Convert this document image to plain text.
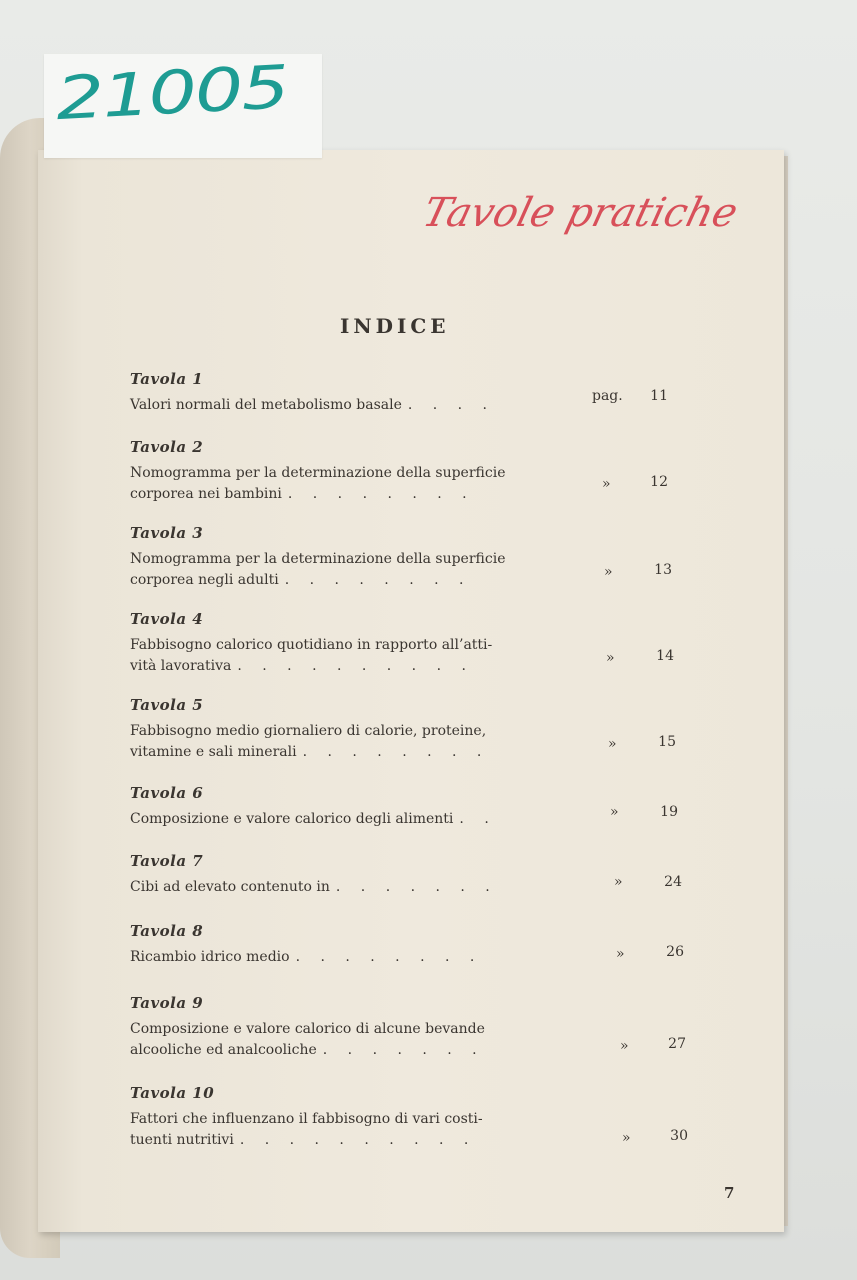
21005
Tavole pratiche
INDICE
Tavola 1
Valori normali del metabolismo basale . . . .
pag. 11
Tavola 2
Nomogramma per la determinazione della superficie
corporea nei bambini . . . . . . . .
»	12
Tavola 3
Nomogramma per la determinazione della superficie
corporea negli adulti . . . . . . . .	»	13
Tavola 4
Fabbisogno calorico quotidiano in rapporto all’atti-
vità lavorativa . . . . . . . . . .	»	14
Tavola 5
Fabbisogno medio giornaliero di calorie, proteine,
vitamine e sali minerali . . . . . . . .	»	15
Tavola 6
Composizione e valore calorico degli alimenti . .	»	19
Tavola 7
Cibi ad elevato contenuto in . . . . . . .	»	24
Tavola 8
Ricambio idrico medio . . . . . . . .	»	26
Tavola 9
Composizione e valore calorico di alcune bevande
alcooliche ed analcooliche . . . . . . .	»	27
Tavola 10
Fattori che influenzano il fabbisogno di vari costi-
tuenti nutritivi . . . . . . . . . .	»	30
7
